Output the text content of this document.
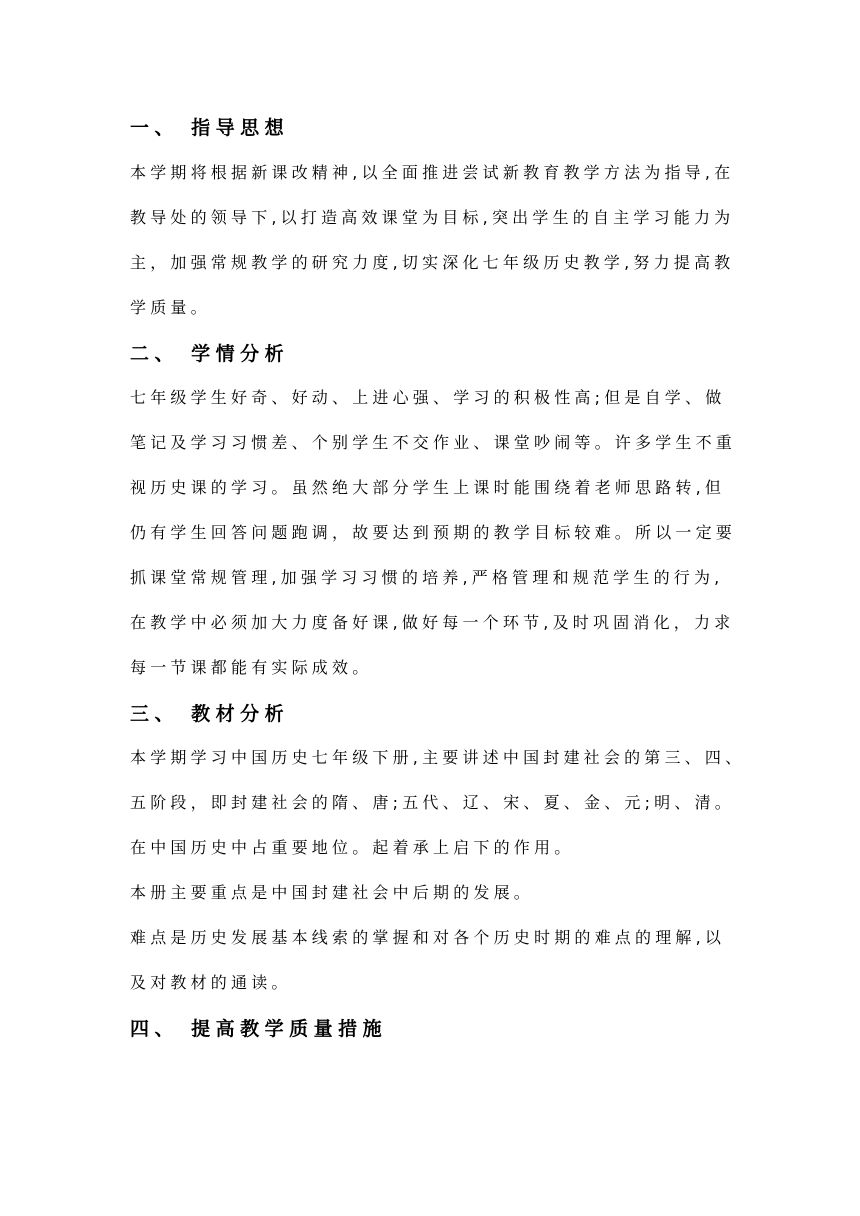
一、 指导思想
本学期将根据新课改精神,以全面推进尝试新教育教学方法为指导,在
教导处的领导下,以打造高效课堂为目标,突出学生的自主学习能力为
主，加强常规教学的研究力度,切实深化七年级历史教学,努力提高教
学质量。
二、 学情分析
七年级学生好奇、好动、上进心强、学习的积极性高;但是自学、做
笔记及学习习惯差、个别学生不交作业、课堂吵闹等。许多学生不重
视历史课的学习。虽然绝大部分学生上课时能围绕着老师思路转,但
仍有学生回答问题跑调，故要达到预期的教学目标较难。所以一定要
抓课堂常规管理,加强学习习惯的培养,严格管理和规范学生的行为,
在教学中必须加大力度备好课,做好每一个环节,及时巩固消化，力求
每一节课都能有实际成效。
三、 教材分析
本学期学习中国历史七年级下册,主要讲述中国封建社会的第三、四、
五阶段，即封建社会的隋、唐;五代、辽、宋、夏、金、元;明、清。
在中国历史中占重要地位。起着承上启下的作用。
本册主要重点是中国封建社会中后期的发展。
难点是历史发展基本线索的掌握和对各个历史时期的难点的理解,以
及对教材的通读。
四、 提高教学质量措施
